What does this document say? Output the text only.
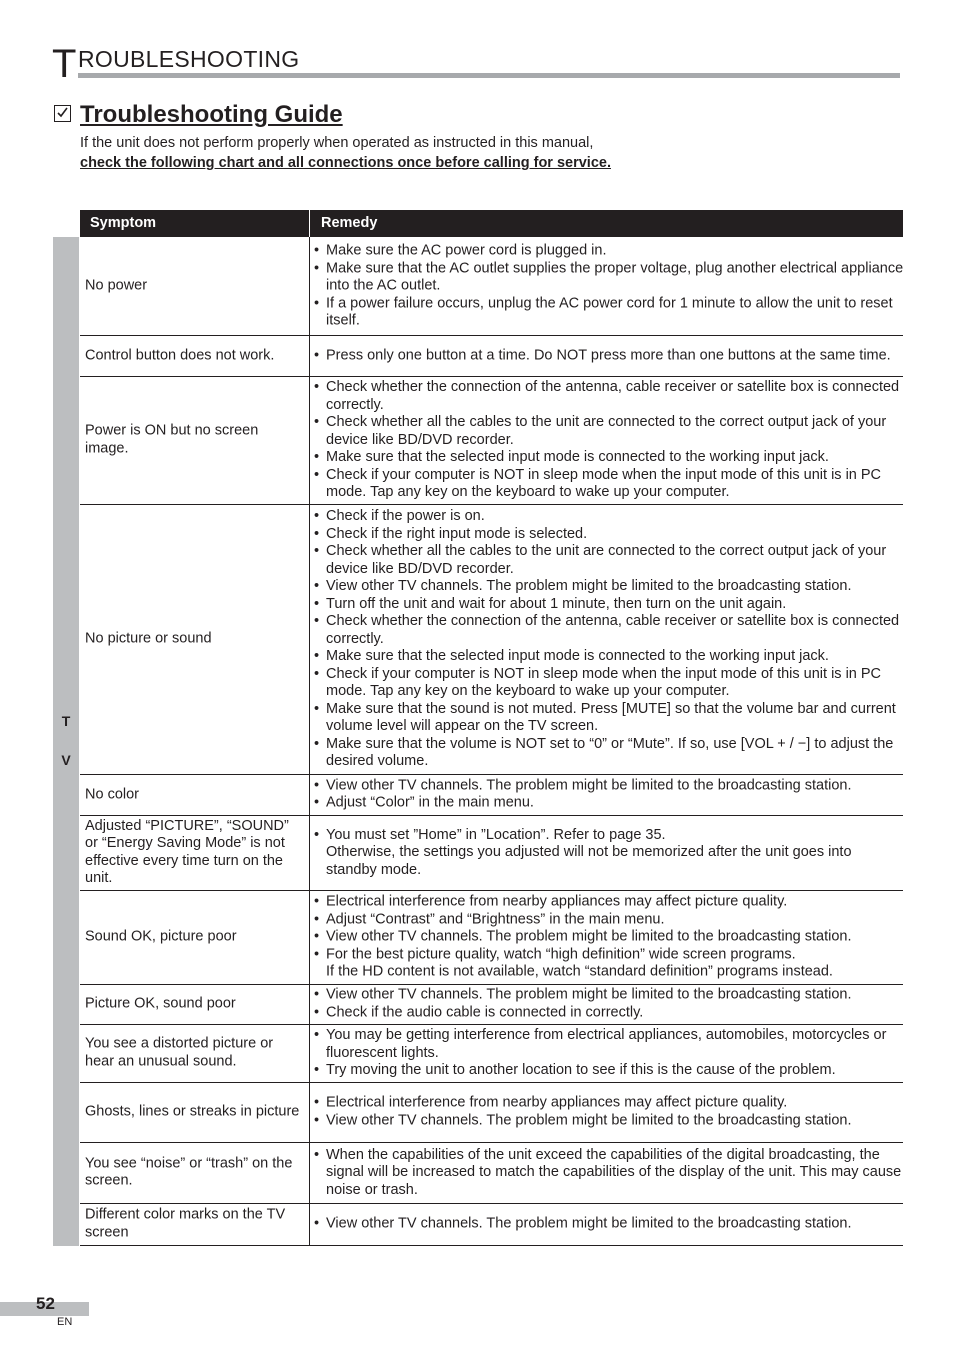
T ROUBLESHOOTING
Troubleshooting Guide
If the unit does not perform properly when operated as instructed in this manual,
check the following chart and all connections once before calling for service.
Symptom	Remedy
T
V
No power
• Make sure the AC power cord is plugged in.
• Make sure that the AC outlet supplies the proper voltage, plug another electrical appliance into the AC outlet.
• If a power failure occurs, unplug the AC power cord for 1 minute to allow the unit to reset itself.
Control button does not work.	• Press only one button at a time. Do NOT press more than one buttons at the same time.
Power is ON but no screen image.
• Check whether the connection of the antenna, cable receiver or satellite box is connected correctly.
• Check whether all the cables to the unit are connected to the correct output jack of your device like BD/DVD recorder.
• Make sure that the selected input mode is connected to the working input jack.
• Check if your computer is NOT in sleep mode when the input mode of this unit is in PC mode. Tap any key on the keyboard to wake up your computer.
No picture or sound
• Check if the power is on.
• Check if the right input mode is selected.
• Check whether all the cables to the unit are connected to the correct output jack of your device like BD/DVD recorder.
• View other TV channels. The problem might be limited to the broadcasting station.
• Turn off the unit and wait for about 1 minute, then turn on the unit again.
• Check whether the connection of the antenna, cable receiver or satellite box is connected correctly.
• Make sure that the selected input mode is connected to the working input jack.
• Check if your computer is NOT in sleep mode when the input mode of this unit is in PC mode. Tap any key on the keyboard to wake up your computer.
• Make sure that the sound is not muted. Press [MUTE] so that the volume bar and current volume level will appear on the TV screen.
• Make sure that the volume is NOT set to “0” or “Mute”. If so, use [VOL + / −] to adjust the desired volume.
No color
• View other TV channels. The problem might be limited to the broadcasting station.
• Adjust “Color” in the main menu.
Adjusted “PICTURE”, “SOUND” or “Energy Saving Mode” is not effective every time turn on the unit.
• You must set ”Home” in ”Location”. Refer to page 35.
Otherwise, the settings you adjusted will not be memorized after the unit goes into standby mode.
Sound OK, picture poor
• Electrical interference from nearby appliances may affect picture quality.
• Adjust “Contrast” and “Brightness” in the main menu.
• View other TV channels. The problem might be limited to the broadcasting station.
• For the best picture quality, watch “high definition” wide screen programs.
If the HD content is not available, watch “standard definition” programs instead.
Picture OK, sound poor
• View other TV channels. The problem might be limited to the broadcasting station.
• Check if the audio cable is connected in correctly.
You see a distorted picture or hear an unusual sound.
• You may be getting interference from electrical appliances, automobiles, motorcycles or fluorescent lights.
• Try moving the unit to another location to see if this is the cause of the problem.
Ghosts, lines or streaks in picture
• Electrical interference from nearby appliances may affect picture quality.
• View other TV channels. The problem might be limited to the broadcasting station.
You see “noise” or “trash” on the screen.
• When the capabilities of the unit exceed the capabilities of the digital broadcasting, the signal will be increased to match the capabilities of the display of the unit. This may cause noise or trash.
Different color marks on the TV screen
• View other TV channels. The problem might be limited to the broadcasting station.
52
EN
